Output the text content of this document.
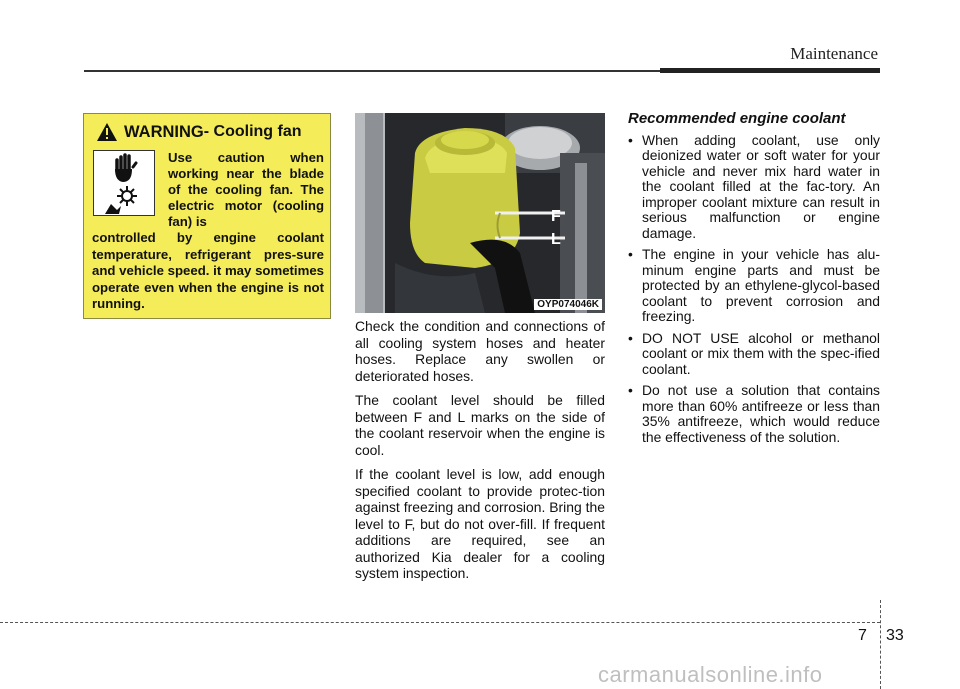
Maintenance
WARNING - Cooling fan
Use caution when working near the blade of the cooling fan. The electric motor (cooling fan) is
controlled by engine coolant temperature, refrigerant pres-sure and vehicle speed. it may sometimes operate even when the engine is not running.
F
L
OYP074046K

Check the condition and connections of all cooling system hoses and heater hoses. Replace any swollen or deteriorated hoses.

The coolant level should be filled between F and L marks on the side of the coolant reservoir when the engine is cool.

If the coolant level is low, add enough specified coolant to provide protec-tion against freezing and corrosion. Bring the level to F, but do not over-fill. If frequent additions are required, see an authorized Kia dealer for a cooling system inspection.

Recommended engine coolant
• When adding coolant, use only deionized water or soft water for your vehicle and never mix hard water in the coolant filled at the fac-tory. An improper coolant mixture can result in serious malfunction or engine damage.
• The engine in your vehicle has alu-minum engine parts and must be protected by an ethylene-glycol-based coolant to prevent corrosion and freezing.
• DO NOT USE alcohol or methanol coolant or mix them with the spec-ified coolant.
• Do not use a solution that contains more than 60% antifreeze or less than 35% antifreeze, which would reduce the effectiveness of the solution.
7 33
carmanualsonline.info
